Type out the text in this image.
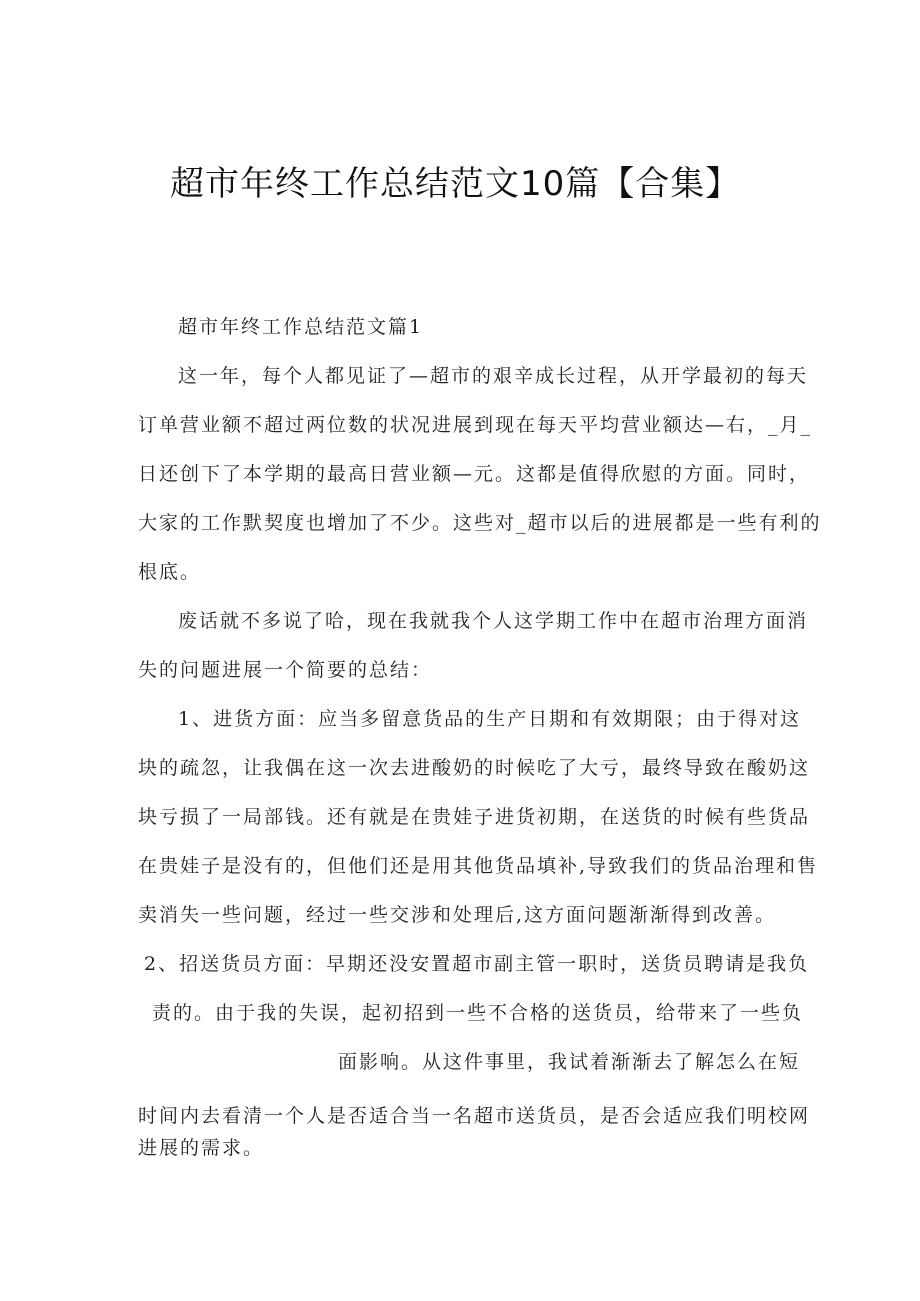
超市年终工作总结范文10篇【合集】

超市年终工作总结范文篇1

这一年，每个人都见证了—超市的艰辛成长过程，从开学最初的每天

订单营业额不超过两位数的状况进展到现在每天平均营业额达—右，_月_

日还创下了本学期的最高日营业额—元。这都是值得欣慰的方面。同时，

大家的工作默契度也增加了不少。这些对_超市以后的进展都是一些有利的

根底。

废话就不多说了哈，现在我就我个人这学期工作中在超市治理方面消

失的问题进展一个简要的总结：

1、进货方面：应当多留意货品的生产日期和有效期限；由于得对这

块的疏忽，让我偶在这一次去进酸奶的时候吃了大亏，最终导致在酸奶这

块亏损了一局部钱。还有就是在贵娃子进货初期，在送货的时候有些货品

在贵娃子是没有的，但他们还是用其他货品填补,导致我们的货品治理和售

卖消失一些问题，经过一些交涉和处理后,这方面问题渐渐得到改善。

2、招送货员方面：早期还没安置超市副主管一职时，送货员聘请是我负

责的。由于我的失误，起初招到一些不合格的送货员，给带来了一些负

面影响。从这件事里，我试着渐渐去了解怎么在短

时间内去看清一个人是否适合当一名超市送货员，是否会适应我们明校网

进展的需求。
